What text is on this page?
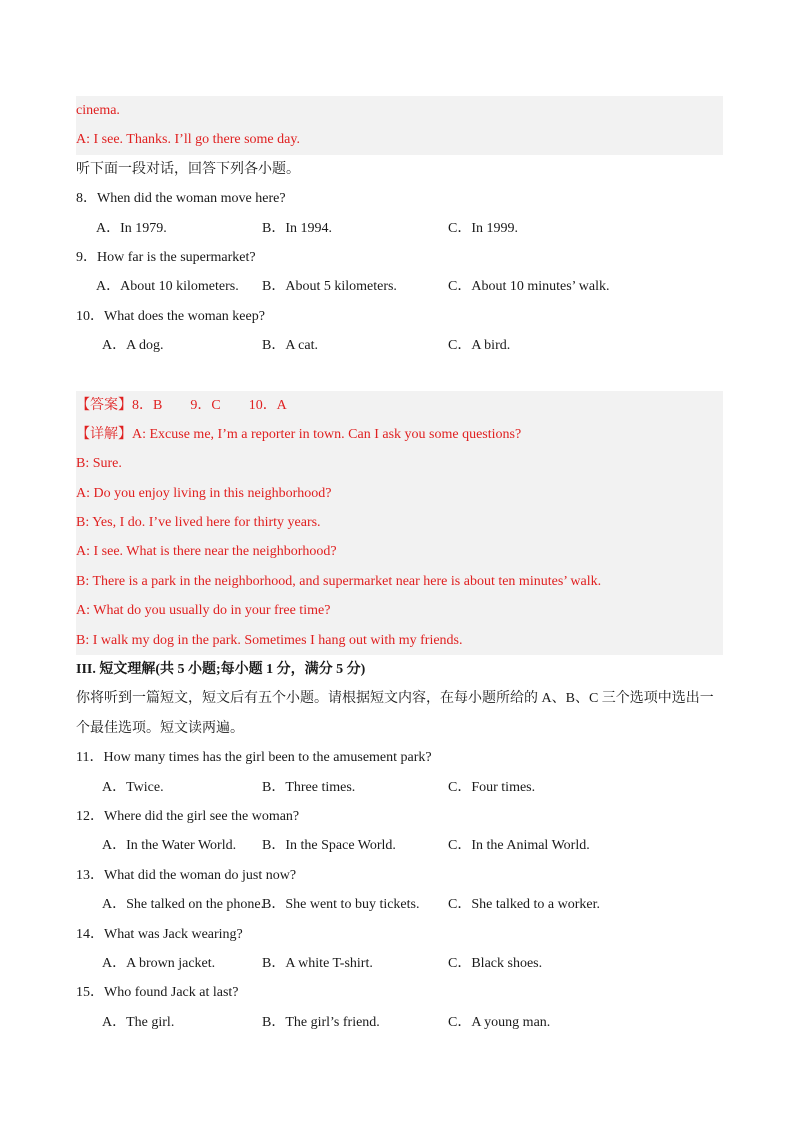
cinema.
A: I see. Thanks. I’ll go there some day.
听下面一段对话，回答下列各小题。
8．When did the woman move here?
A．In 1979.	B．In 1994.	C．In 1999.
9．How far is the supermarket?
A．About 10 kilometers. B．About 5 kilometers.	C．About 10 minutes’ walk.
10．What does the woman keep?
A．A dog.	B．A cat.	C．A bird.
【答案】 8．B 9．C 10．A
【详解】A: Excuse me, I’m a reporter in town. Can I ask you some questions?
B: Sure.
A: Do you enjoy living in this neighborhood?
B: Yes, I do. I’ve lived here for thirty years.
A: I see. What is there near the neighborhood?
B: There is a park in the neighborhood, and supermarket near here is about ten minutes’ walk.
A: What do you usually do in your free time?
B: I walk my dog in the park. Sometimes I hang out with my friends.
III. 短文理解(共 5 小题;每小题 1 分，满分 5 分)
你将听到一篇短文，短文后有五个小题。请根据短文内容，在每小题所给的 A、B、C 三个选项中选出一
个最佳选项。短文读两遍。
11．How many times has the girl been to the amusement park?
A．Twice.	B．Three times.	C．Four times.
12．Where did the girl see the woman?
A．In the Water World. B．In the Space World.	C．In the Animal World.
13．What did the woman do just now?
A．She talked on the phone.
B．She went to buy tickets. C．She talked to a worker.
14．What was Jack wearing?
A．A brown jacket.	B．A white T-shirt.	C．Black shoes.
15．Who found Jack at last?
A．The girl.	B．The girl’s friend.	C．A young man.
